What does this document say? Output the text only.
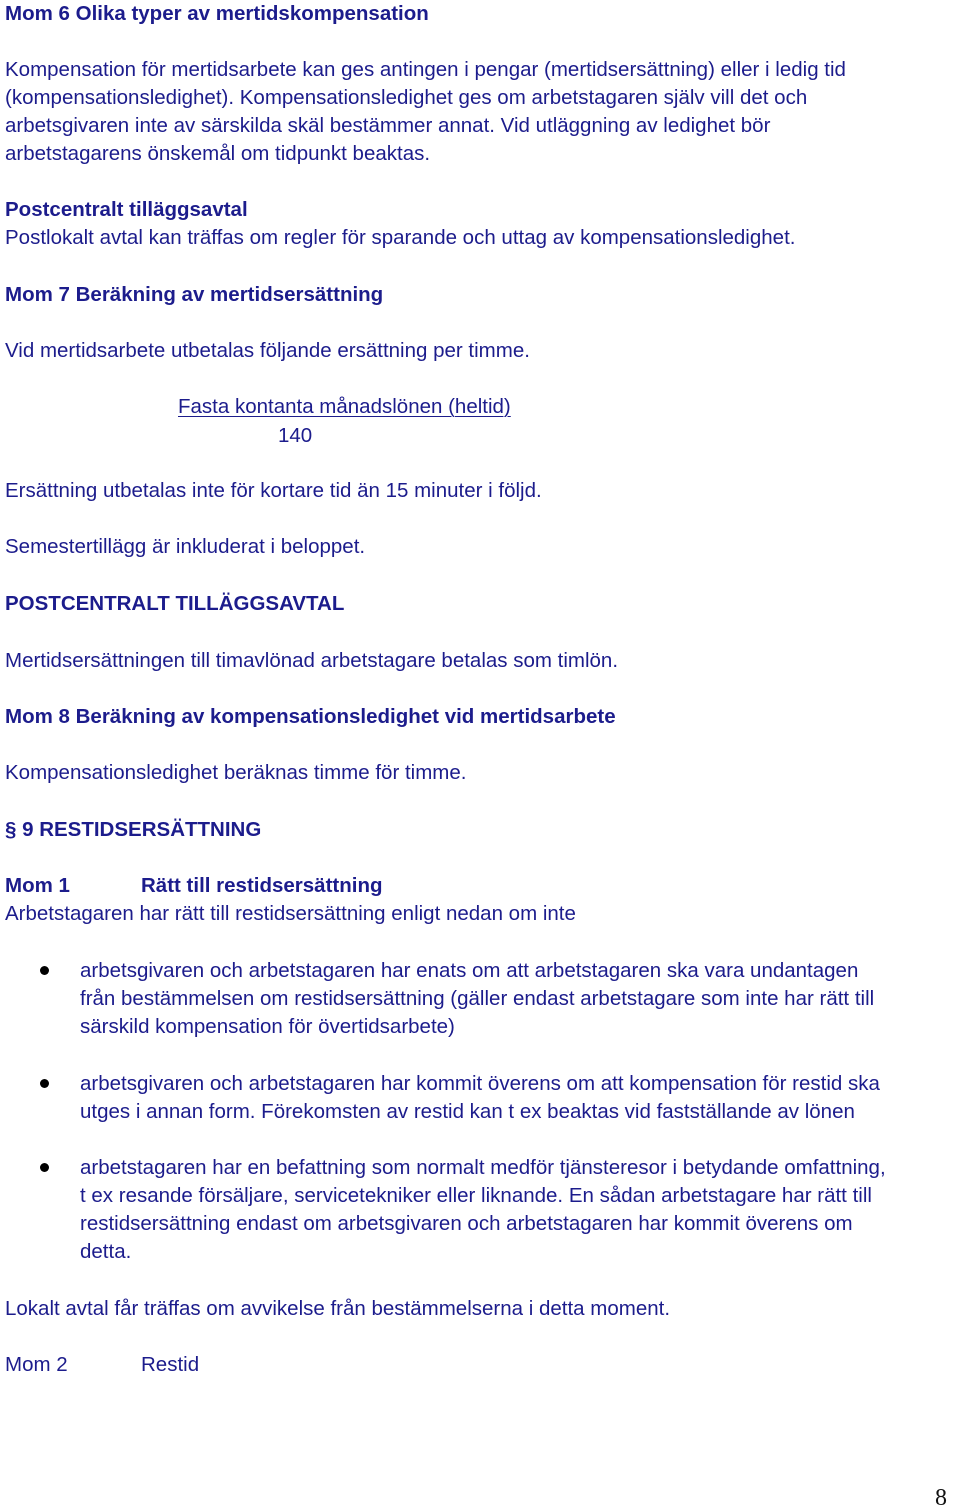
Mom 6 Olika typer av mertidskompensation

Kompensation för mertidsarbete kan ges antingen i pengar (mertidsersättning) eller i ledig tid

(kompensationsledighet). Kompensationsledighet ges om arbetstagaren själv vill det och

arbetsgivaren inte av särskilda skäl bestämmer annat. Vid utläggning av ledighet bör

arbetstagarens önskemål om tidpunkt beaktas.

Postcentralt tilläggsavtal

Postlokalt avtal kan träffas om regler för sparande och uttag av kompensationsledighet.

Mom 7 Beräkning av mertidsersättning

Vid mertidsarbete utbetalas följande ersättning per timme.

Fasta kontanta månadslönen (heltid)

140

Ersättning utbetalas inte för kortare tid än 15 minuter i följd.

Semestertillägg är inkluderat i beloppet.

POSTCENTRALT TILLÄGGSAVTAL

Mertidsersättningen till timavlönad arbetstagare betalas som timlön.

Mom 8 Beräkning av kompensationsledighet vid mertidsarbete

Kompensationsledighet beräknas timme för timme.

§ 9 RESTIDSERSÄTTNING

Mom 1	Rätt till restidsersättning

Arbetstagaren har rätt till restidsersättning enligt nedan om inte

arbetsgivaren och arbetstagaren har enats om att arbetstagaren ska vara undantagen

från bestämmelsen om restidsersättning (gäller endast arbetstagare som inte har rätt till

särskild kompensation för övertidsarbete)

arbetsgivaren och arbetstagaren har kommit överens om att kompensation för restid ska

utges i annan form. Förekomsten av restid kan t ex beaktas vid fastställande av lönen

arbetstagaren har en befattning som normalt medför tjänsteresor i betydande omfattning,

t ex resande försäljare, servicetekniker eller liknande. En sådan arbetstagare har rätt till

restidsersättning endast om arbetsgivaren och arbetstagaren har kommit överens om

detta.

Lokalt avtal får träffas om avvikelse från bestämmelserna i detta moment.

Mom 2	Restid

8
